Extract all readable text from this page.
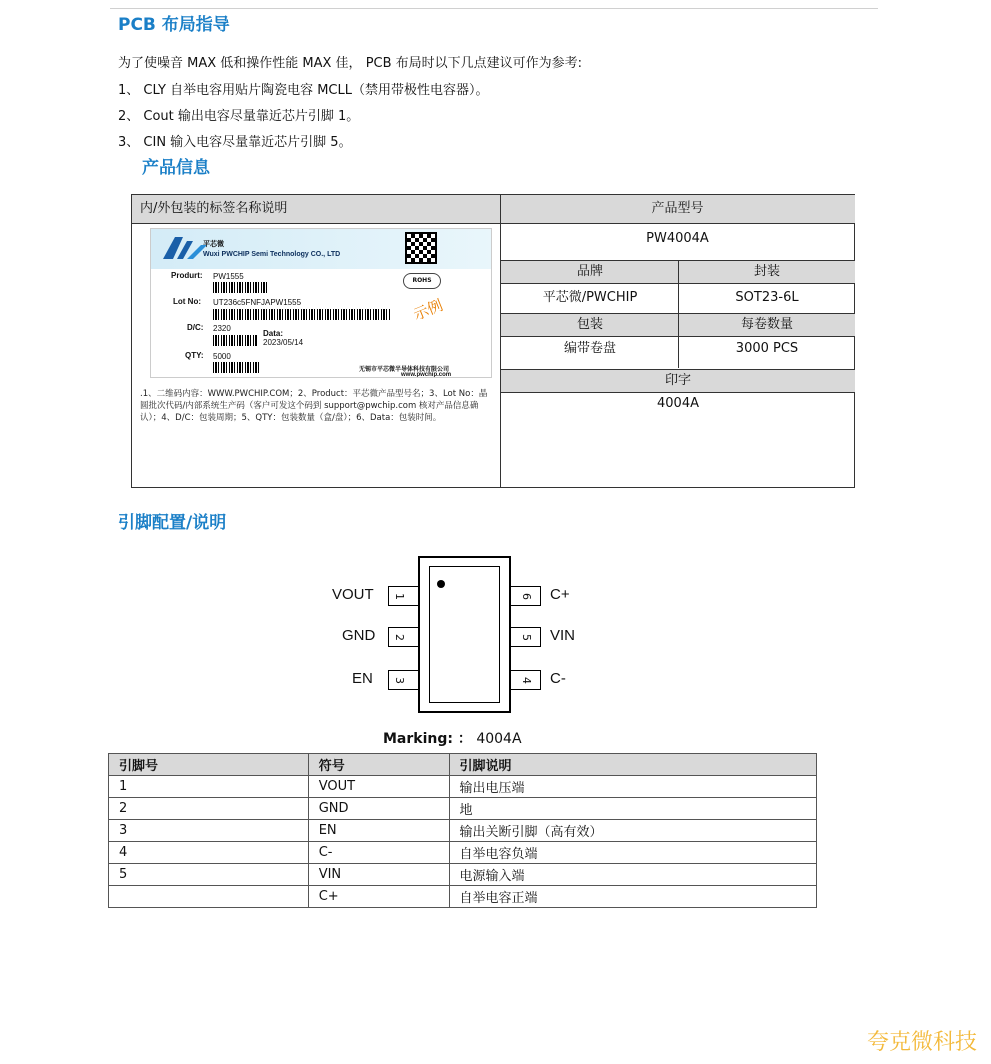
PCB 布局指导
为了使噪音 MAX 低和操作性能 MAX 佳， PCB 布局时以下几点建议可作为参考:
1、 CLY 自举电容用贴片陶瓷电容 MCLL（禁用带极性电容器）。
2、 Cout 输出电容尽量靠近芯片引脚 1。
3、 CIN 输入电容尽量靠近芯片引脚 5。
产品信息
内/外包装的标签名称说明	产品型号
PW4004A
品牌	封装
平芯微/PWCHIP	SOT23-6L
包装	每卷数量
编带卷盘	3000 PCS
印字
4004A
平芯微
Wuxi PWCHIP Semi Technology CO., LTD
Produrt: PW1555	ROHS
Lot No: UT236c5FNFJAPW1555	示例
D/C: 2320
Data:
2023/05/14
QTY: 5000
无锡市平芯微半导体科技有限公司
www.pwchip.com
.1、二维码内容：WWW.PWCHIP.COM；2、Product：平芯微产品型号名；3、Lot No：晶圆批次代码/内部系统生产码（客户可发这个码到 support@pwchip.com 核对产品信息确认）；4、D/C：包装周期；5、QTY：包装数量（盒/盘）；6、Data：包装时间。
引脚配置/说明
1
VOUT
2
GND
3
EN
6 C+
5 VIN
4 C-
Marking: ： 4004A
引脚号	符号	引脚说明
1	VOUT	输出电压端
2	GND	地
3	EN	输出关断引脚（高有效）
4	C-	自举电容负端
5	VIN	电源输入端
	C+	自举电容正端
夸克微科技
